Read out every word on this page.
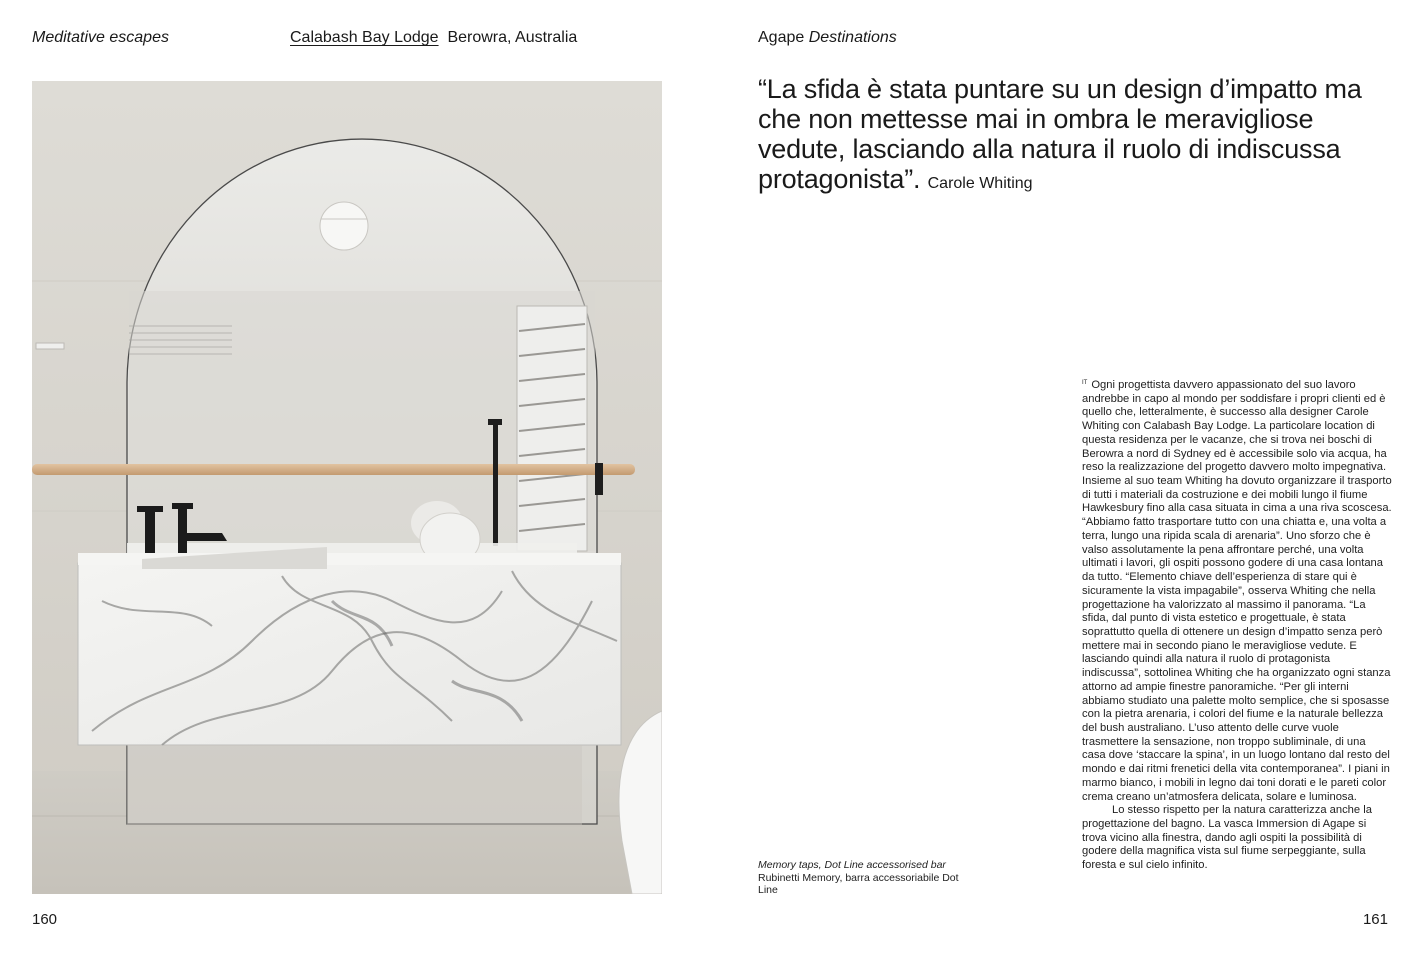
Meditative escapes	Calabash Bay Lodge Berowra, Australia	Agape Destinations
“La sfida è stata puntare su un design d’impatto ma che non mettesse mai in ombra le meravigliose vedute, lasciando alla natura il ruolo di indiscussa protagonista”. Carole Whiting

$^{IT}$ Ogni progettista davvero appassionato del suo lavoro andrebbe in capo al mondo per soddisfare i propri clienti ed è quello che, letteralmente, è successo alla designer Carole Whiting con Calabash Bay Lodge. La particolare location di questa residenza per le vacanze, che si trova nei boschi di Berowra a nord di Sydney ed è accessibile solo via acqua, ha reso la realizzazione del progetto davvero molto impegnativa. Insieme al suo team Whiting ha dovuto organizzare il trasporto di tutti i materiali da costruzione e dei mobili lungo il fiume Hawkesbury fino alla casa situata in cima a una riva scoscesa. “Abbiamo fatto trasportare tutto con una chiatta e, una volta a terra, lungo una ripida scala di arenaria”. Uno sforzo che è valso assolutamente la pena affrontare perché, una volta ultimati i lavori, gli ospiti possono godere di una casa lontana da tutto. “Elemento chiave dell’esperienza di stare qui è sicuramente la vista impagabile”, osserva Whiting che nella progettazione ha valorizzato al massimo il panorama. “La sfida, dal punto di vista estetico e progettuale, è stata soprattutto quella di ottenere un design d’impatto senza però mettere mai in secondo piano le meravigliose vedute. E lasciando quindi alla natura il ruolo di protagonista indiscussa”, sottolinea Whiting che ha organizzato ogni stanza attorno ad ampie finestre panoramiche. “Per gli interni abbiamo studiato una palette molto semplice, che si sposasse con la pietra arenaria, i colori del fiume e la naturale bellezza del bush australiano. L’uso attento delle curve vuole trasmettere la sensazione, non troppo subliminale, di una casa dove ‘staccare la spina’, in un luogo lontano dal resto del mondo e dai ritmi frenetici della vita contemporanea”. I piani in marmo bianco, i mobili in legno dai toni dorati e le pareti color crema creano un’atmosfera delicata, solare e luminosa.

Lo stesso rispetto per la natura caratterizza anche la progettazione del bagno. La vasca Immersion di Agape si trova vicino alla finestra, dando agli ospiti la possibilità di godere della magnifica vista sul fiume serpeggiante, sulla foresta e sul cielo infinito.

Memory taps, Dot Line accessorised bar

Rubinetti Memory, barra accessoriabile Dot Line

160	161
